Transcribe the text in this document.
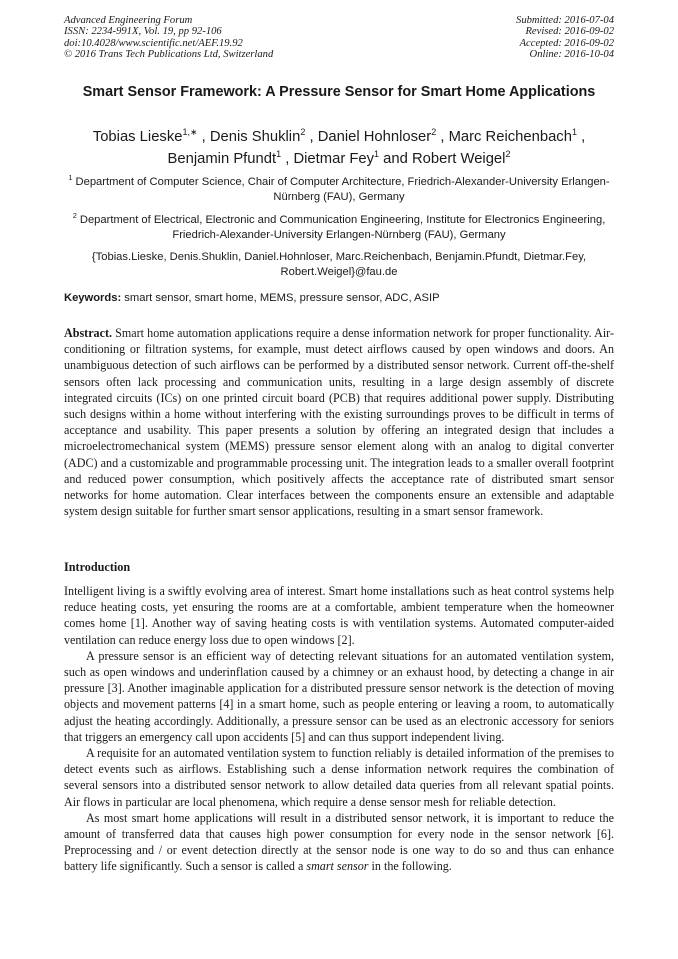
Advanced Engineering Forum
ISSN: 2234-991X, Vol. 19, pp 92-106
doi:10.4028/www.scientific.net/AEF.19.92
© 2016 Trans Tech Publications Ltd, Switzerland
Submitted: 2016-07-04
Revised: 2016-09-02
Accepted: 2016-09-02
Online: 2016-10-04
Smart Sensor Framework: A Pressure Sensor for Smart Home Applications
Tobias Lieske$^{1,∗}$ , Denis Shuklin$^2$ , Daniel Hohnloser$^2$ , Marc Reichenbach$^1$ ,
Benjamin Pfundt$^1$ , Dietmar Fey$^1$ and Robert Weigel$^2$
$^1$ Department of Computer Science, Chair of Computer Architecture, Friedrich-Alexander-University Erlangen-Nürnberg (FAU), Germany
$^2$ Department of Electrical, Electronic and Communication Engineering, Institute for Electronics Engineering, Friedrich-Alexander-University Erlangen-Nürnberg (FAU), Germany
{Tobias.Lieske, Denis.Shuklin, Daniel.Hohnloser, Marc.Reichenbach, Benjamin.Pfundt, Dietmar.Fey, Robert.Weigel}@fau.de
Keywords: smart sensor, smart home, MEMS, pressure sensor, ADC, ASIP
Abstract. Smart home automation applications require a dense information network for proper functionality. Air-conditioning or filtration systems, for example, must detect airflows caused by open windows and doors. An unambiguous detection of such airflows can be performed by a distributed sensor network. Current off-the-shelf sensors often lack processing and communication units, resulting in a large design assembly of discrete integrated circuits (ICs) on one printed circuit board (PCB) that requires additional power supply. Distributing such designs within a home without interfering with the existing surroundings proves to be difficult in terms of acceptance and usability. This paper presents a solution by offering an integrated design that includes a microelectromechanical system (MEMS) pressure sensor element along with an analog to digital converter (ADC) and a customizable and programmable processing unit. The integration leads to a smaller overall footprint and reduced power consumption, which positively affects the acceptance rate of distributed smart sensor networks for home automation. Clear interfaces between the components ensure an extensible and adaptable system design suitable for further smart sensor applications, resulting in a smart sensor framework.
Introduction

Intelligent living is a swiftly evolving area of interest. Smart home installations such as heat control systems help reduce heating costs, yet ensuring the rooms are at a comfortable, ambient temperature when the homeowner comes home [1]. Another way of saving heating costs is with ventilation systems. Automated computer-aided ventilation can reduce energy loss due to open windows [2].

A pressure sensor is an efficient way of detecting relevant situations for an automated ventilation system, such as open windows and underinflation caused by a chimney or an exhaust hood, by detecting a change in air pressure [3]. Another imaginable application for a distributed pressure sensor network is the detection of moving objects and movement patterns [4] in a smart home, such as people entering or leaving a room, to automatically adjust the heating accordingly. Additionally, a pressure sensor can be used as an electronic accessory for seniors that triggers an emergency call upon accidents [5] and can thus support independent living.

A requisite for an automated ventilation system to function reliably is detailed information of the premises to detect events such as airflows. Establishing such a dense information network requires the combination of several sensors into a distributed sensor network to allow detailed data queries from all relevant spatial points. Air flows in particular are local phenomena, which require a dense sensor mesh for reliable detection.

As most smart home applications will result in a distributed sensor network, it is important to reduce the amount of transferred data that causes high power consumption for every node in the sensor network [6]. Preprocessing and / or event detection directly at the sensor node is one way to do so and thus can enhance battery life significantly. Such a sensor is called a smart sensor in the following.
